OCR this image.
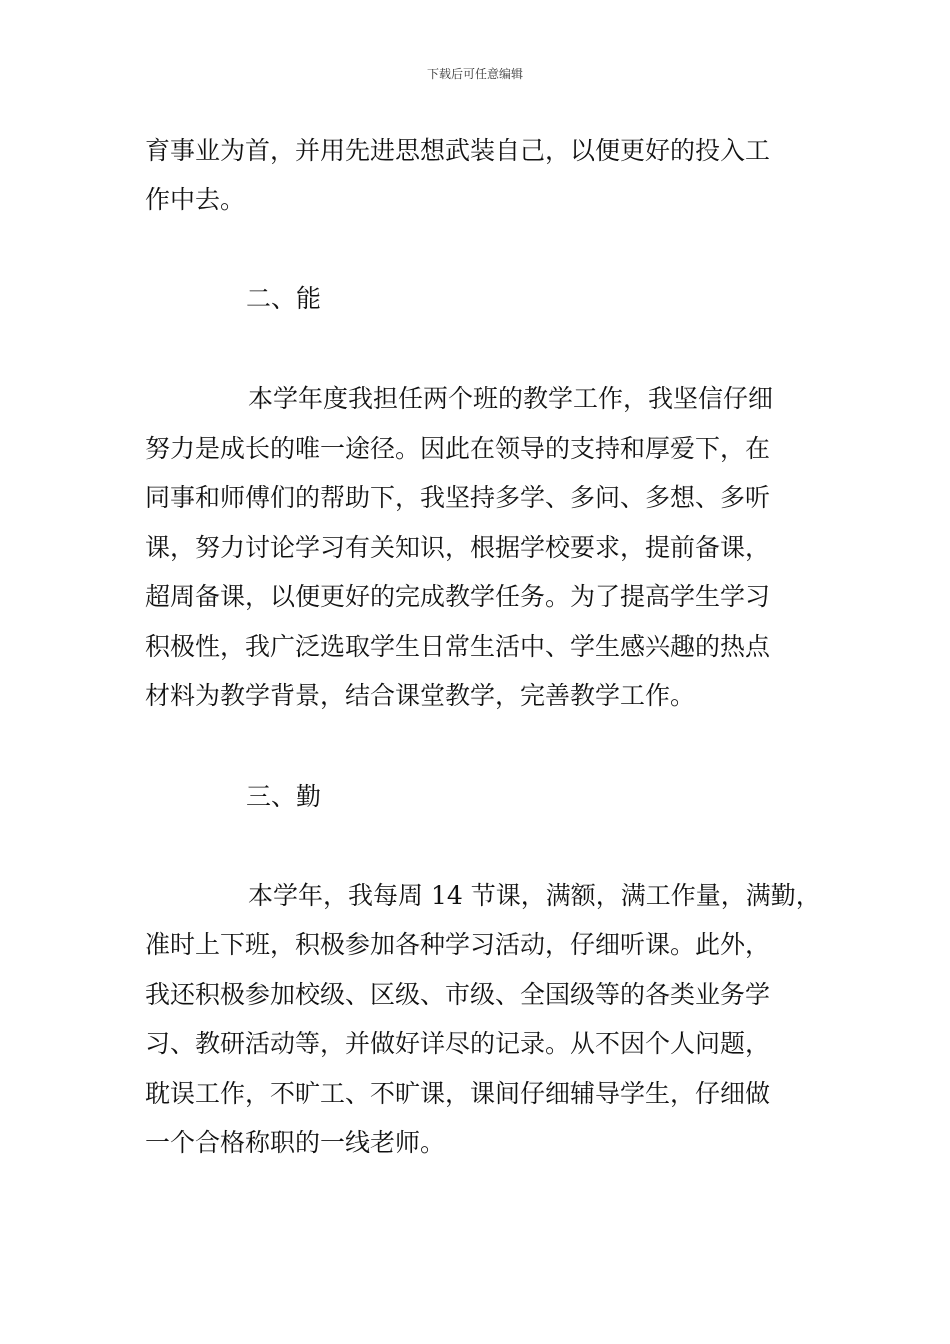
下载后可任意编辑
育事业为首，并用先进思想武装自己，以便更好的投入工
作中去。
二、能
本学年度我担任两个班的教学工作，我坚信仔细
努力是成长的唯一途径。因此在领导的支持和厚爱下，在
同事和师傅们的帮助下，我坚持多学、多问、多想、多听
课，努力讨论学习有关知识，根据学校要求，提前备课，
超周备课，以便更好的完成教学任务。为了提高学生学习
积极性，我广泛选取学生日常生活中、学生感兴趣的热点
材料为教学背景，结合课堂教学，完善教学工作。
三、勤
本学年，我每周 14 节课，满额，满工作量，满勤，
准时上下班，积极参加各种学习活动，仔细听课。此外，
我还积极参加校级、区级、市级、全国级等的各类业务学
习、教研活动等，并做好详尽的记录。从不因个人问题，
耽误工作，不旷工、不旷课，课间仔细辅导学生，仔细做
一个合格称职的一线老师。
